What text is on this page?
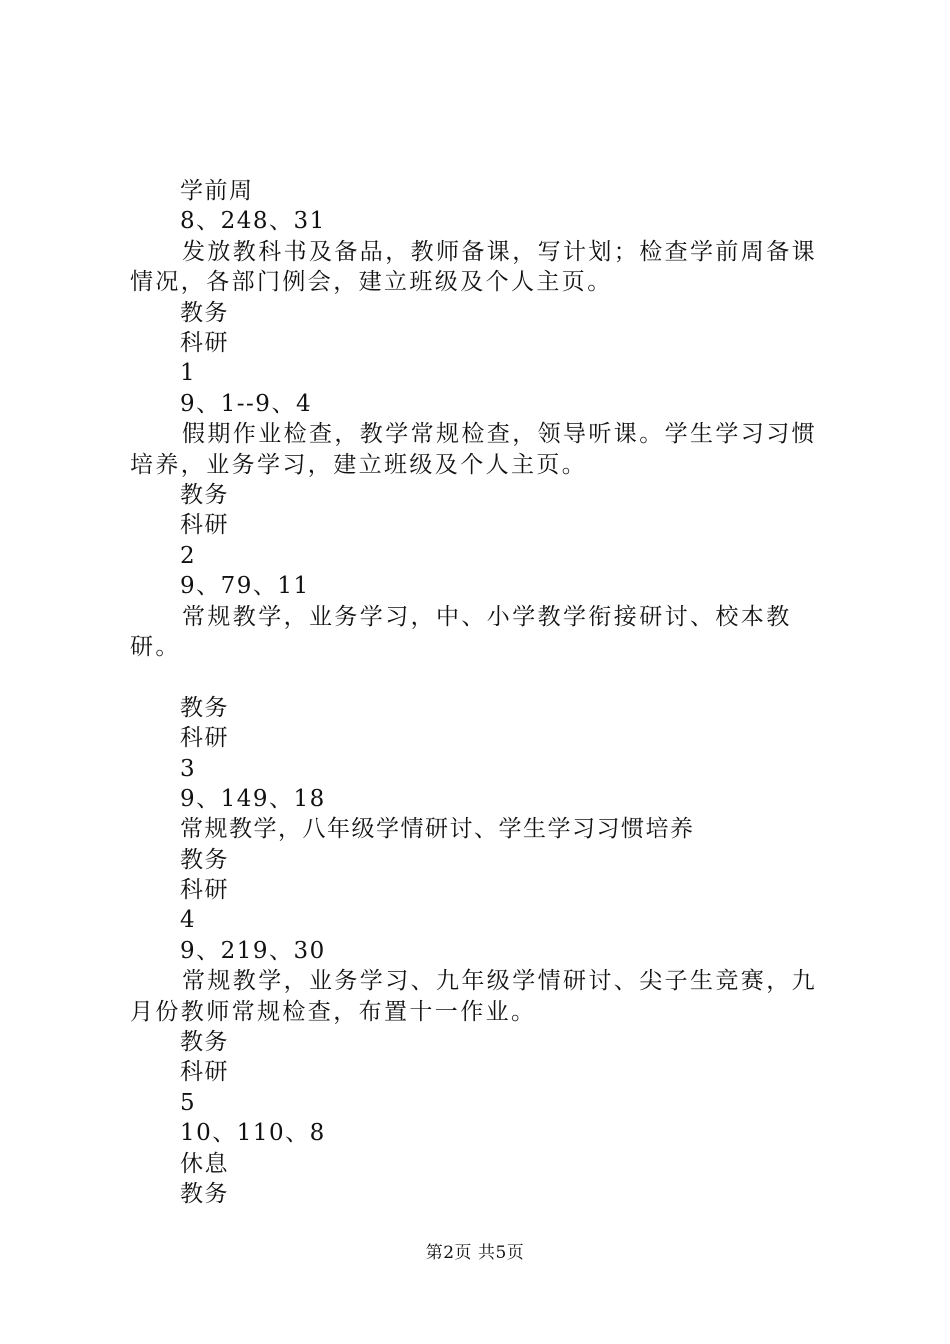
学前周
8、248、31
发放教科书及备品，教师备课，写计划；检查学前周备课情况，各部门例会，建立班级及个人主页。
教务
科研
1
9、1--9、4
假期作业检查，教学常规检查，领导听课。学生学习习惯培养，业务学习，建立班级及个人主页。
教务
科研
2
9、79、11
常规教学，业务学习，中、小学教学衔接研讨、校本教研。
教务
科研
3
9、149、18
常规教学，八年级学情研讨、学生学习习惯培养
教务
科研
4
9、219、30
常规教学，业务学习、九年级学情研讨、尖子生竞赛，九月份教师常规检查，布置十一作业。
教务
科研
5
10、110、8
休息
教务
第2页 共5页
